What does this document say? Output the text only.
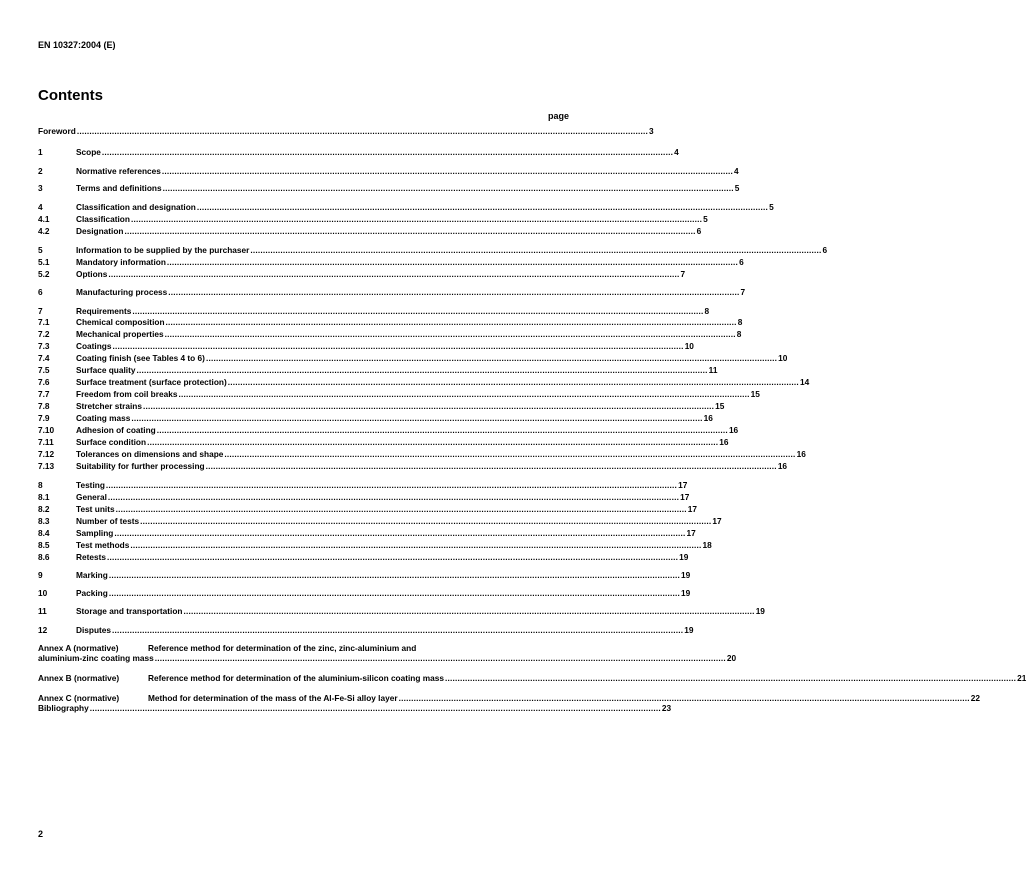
EN 10327:2004 (E)
Contents
page
Foreword .....	3
1	Scope .....	4
2	Normative references .....	4
3	Terms and definitions .....	5
4	Classification and designation .....	5
4.1	Classification .....	5
4.2	Designation .....	6
5	Information to be supplied by the purchaser .....	6
5.1	Mandatory information .....	6
5.2	Options .....	7
6	Manufacturing process .....	7
7	Requirements .....	8
7.1	Chemical composition .....	8
7.2	Mechanical properties .....	8
7.3	Coatings .....	10
7.4	Coating finish (see Tables 4 to 6) .....	10
7.5	Surface quality .....	11
7.6	Surface treatment (surface protection) .....	14
7.7	Freedom from coil breaks .....	15
7.8	Stretcher strains .....	15
7.9	Coating mass .....	16
7.10	Adhesion of coating .....	16
7.11	Surface condition .....	16
7.12	Tolerances on dimensions and shape .....	16
7.13	Suitability for further processing .....	16
8	Testing .....	17
8.1	General .....	17
8.2	Test units .....	17
8.3	Number of tests .....	17
8.4	Sampling .....	17
8.5	Test methods .....	18
8.6	Retests .....	19
9	Marking .....	19
10	Packing .....	19
11	Storage and transportation .....	19
12	Disputes .....	19
Annex A (normative)	Reference method for determination of the zinc, zinc-aluminium and
aluminium-zinc coating mass .....	20
Annex B (normative)	Reference method for determination of the aluminium-silicon coating mass .....	21
Annex C (normative)	Method for determination of the mass of the Al-Fe-Si alloy layer .....	22
Bibliography .....	23
2
